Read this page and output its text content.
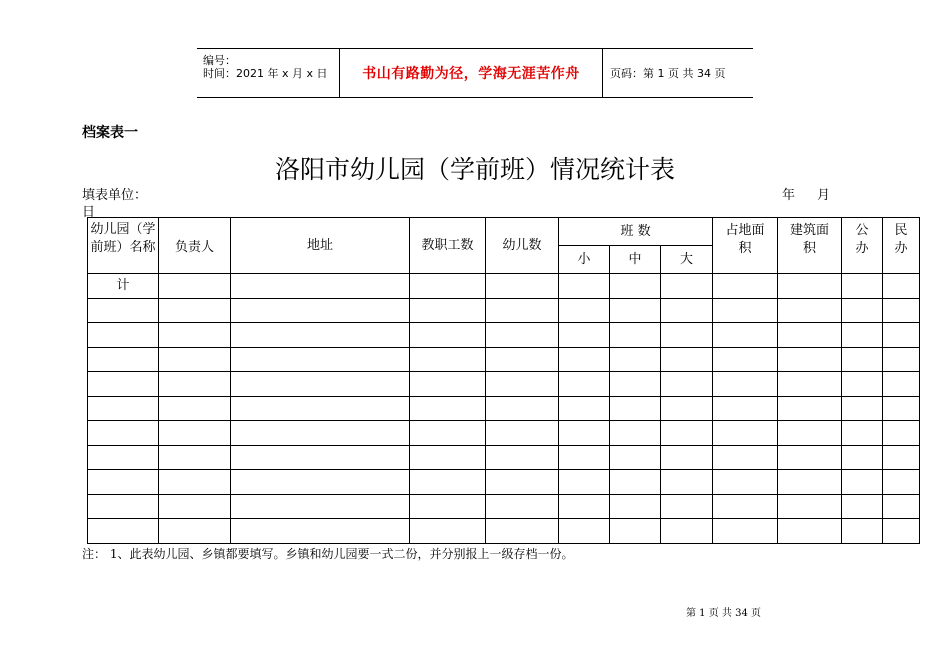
编号：
时间：2021 年 x 月 x 日 书山有路勤为径，学海无涯苦作舟	页码：第 1 页 共 34 页
档案表一
洛阳市幼儿园（学前班）情况统计表
填表单位：	年 月
日
幼儿园（学前班）名称	负责人	地址	教职工数	幼儿数	班 数			占地面积	建筑面积	公办	民办
					小	中	大				
计											

注： 1、此表幼儿园、乡镇都要填写。乡镇和幼儿园要一式二份，并分别报上一级存档一份。
第 1 页 共 34 页
